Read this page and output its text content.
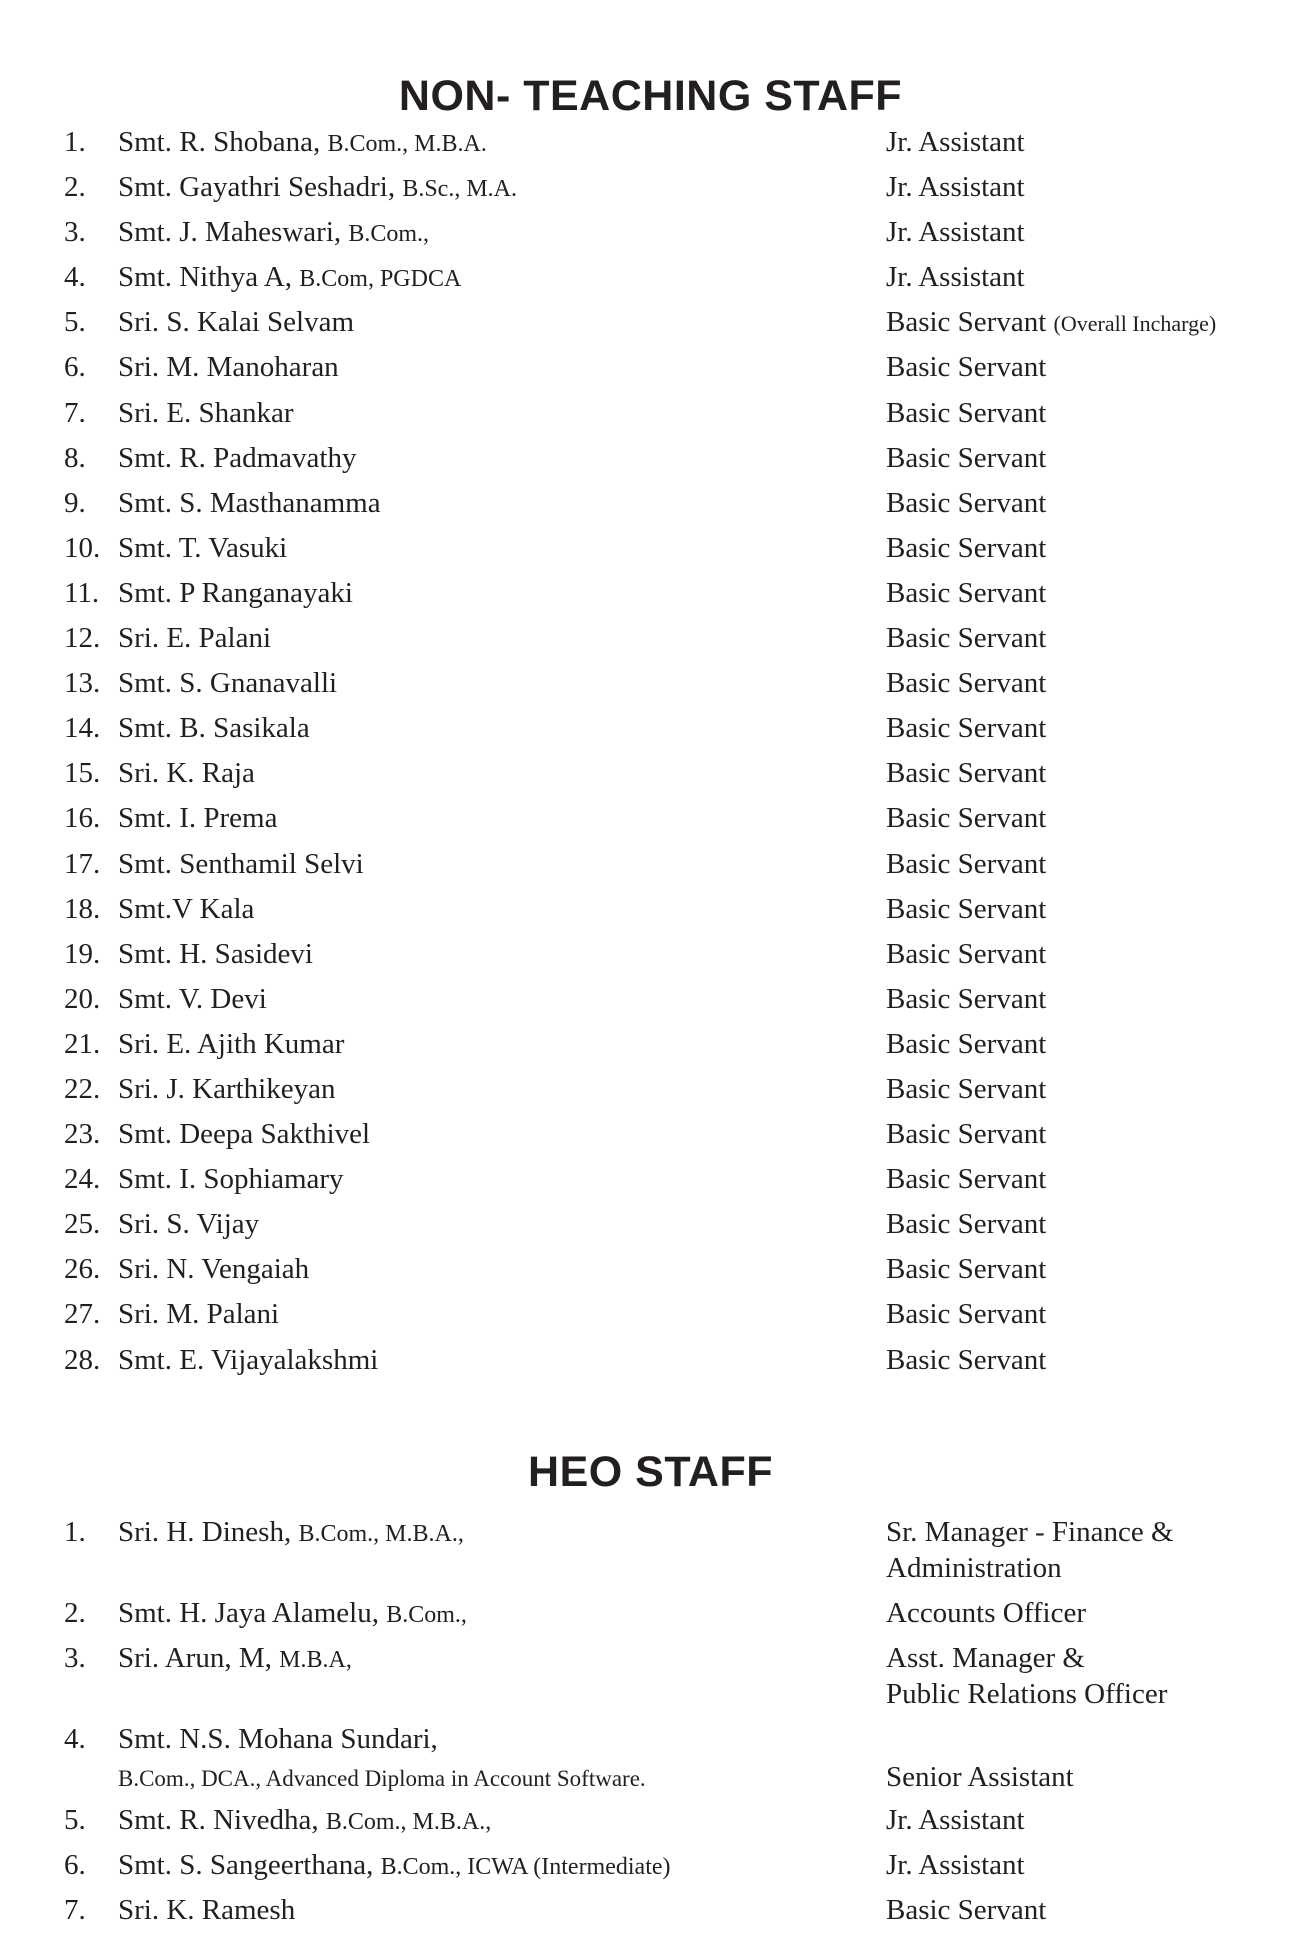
NON- TEACHING STAFF
1. Smt. R. Shobana, B.Com., M.B.A.	Jr. Assistant
2. Smt. Gayathri Seshadri, B.Sc., M.A.	Jr. Assistant
3. Smt. J. Maheswari, B.Com.,	Jr. Assistant
4. Smt. Nithya A, B.Com, PGDCA	Jr. Assistant
5. Sri. S. Kalai Selvam	Basic Servant (Overall Incharge)
6. Sri. M. Manoharan	Basic Servant
7. Sri. E. Shankar	Basic Servant
8. Smt. R. Padmavathy	Basic Servant
9. Smt. S. Masthanamma	Basic Servant
10. Smt. T. Vasuki	Basic Servant
11. Smt. P Ranganayaki	Basic Servant
12. Sri. E. Palani	Basic Servant
13. Smt. S. Gnanavalli	Basic Servant
14. Smt. B. Sasikala	Basic Servant
15. Sri. K. Raja	Basic Servant
16. Smt. I. Prema	Basic Servant
17. Smt. Senthamil Selvi	Basic Servant
18. Smt.V Kala	Basic Servant
19. Smt. H. Sasidevi	Basic Servant
20. Smt. V. Devi	Basic Servant
21. Sri. E. Ajith Kumar	Basic Servant
22. Sri. J. Karthikeyan	Basic Servant
23. Smt. Deepa Sakthivel	Basic Servant
24. Smt. I. Sophiamary	Basic Servant
25. Sri. S. Vijay	Basic Servant
26. Sri. N. Vengaiah	Basic Servant
27. Sri. M. Palani	Basic Servant
28. Smt. E. Vijayalakshmi	Basic Servant
HEO STAFF
1. Sri. H. Dinesh, B.Com., M.B.A.,	Sr. Manager - Finance &
Administration
2. Smt. H. Jaya Alamelu, B.Com.,	Accounts Officer
3. Sri. Arun, M, M.B.A,	Asst. Manager &
Public Relations Officer
4. Smt. N.S. Mohana Sundari,
B.Com., DCA., Advanced Diploma in Account Software.	Senior Assistant
5. Smt. R. Nivedha, B.Com., M.B.A.,	Jr. Assistant
6. Smt. S. Sangeerthana, B.Com., ICWA (Intermediate)	Jr. Assistant
7. Sri. K. Ramesh	Basic Servant
